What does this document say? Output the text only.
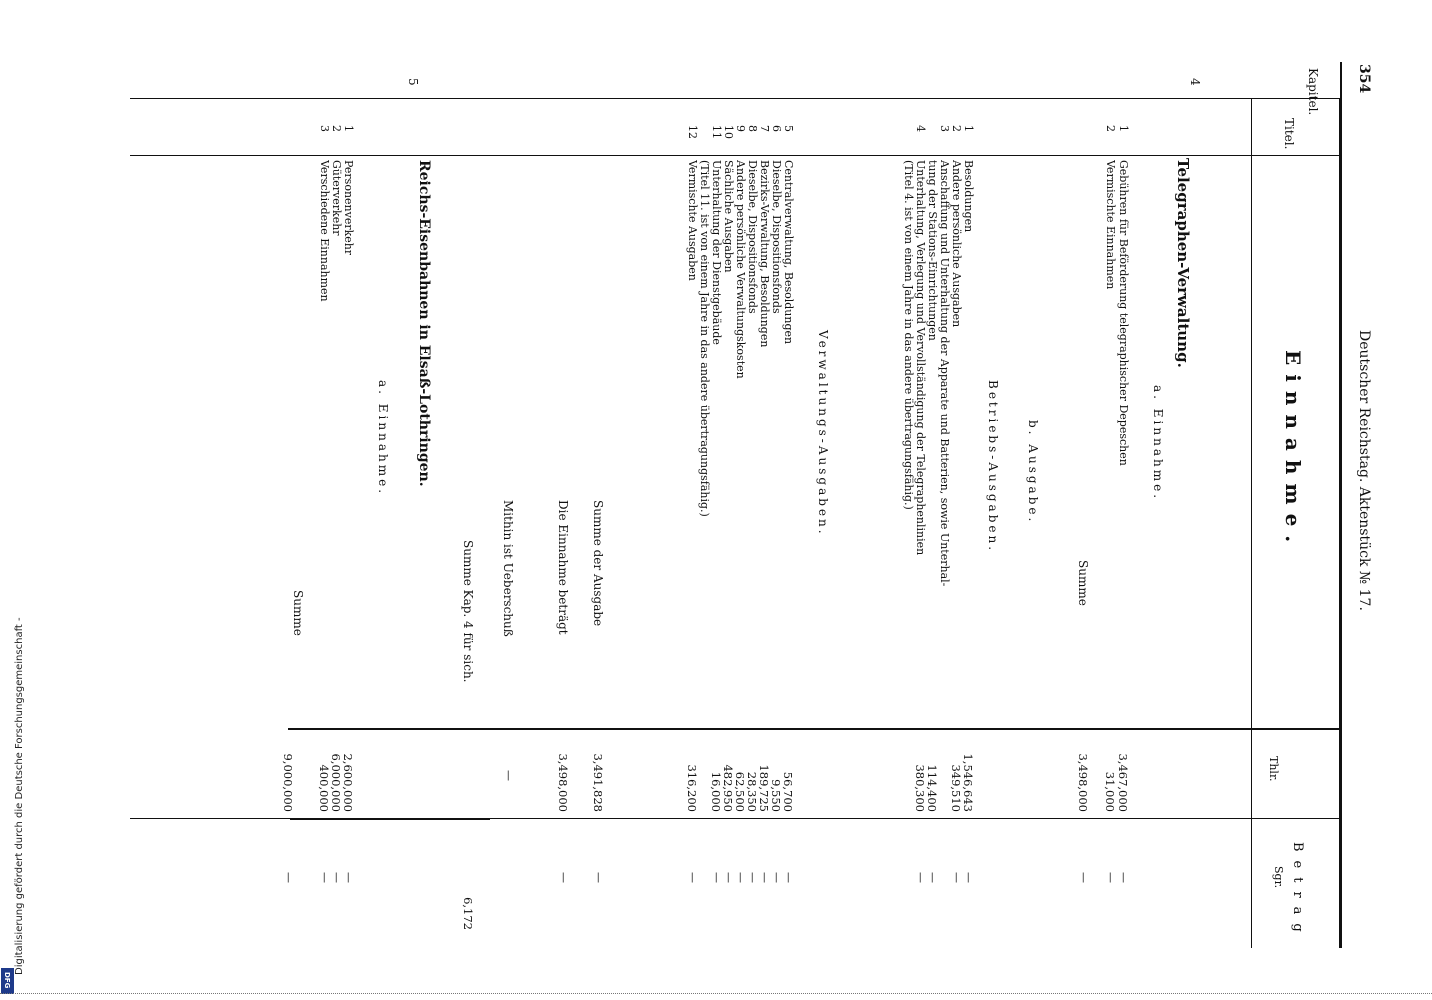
354
Deutscher Reichstag. Aktenstück № 17.
Kapitel.
Titel.
Einnahme.
Betrag
Thlr.
Sgr.
4
Telegraphen-Verwaltung.
a. Einnahme.
1
Gebühren für Beförderung telegraphischer Depeschen
3,467,000
—
2
Vermischte Einnahmen
31,000
—
Summe
3,498,000
—
b. Ausgabe.
Betriebs-Ausgaben.
1
Besoldungen
1,546,643
—
2
Andere persönliche Ausgaben
349,510
—
3
Anschaffung und Unterhaltung der Apparate und Batterien, sowie Unterhal-
tung der Stations-Einrichtungen
114,400
—
4
Unterhaltung, Verlegung und Vervollständigung der Telegraphenlinien
380,300
—
(Titel 4. ist von einem Jahre in das andere übertragungsfähig.)
Verwaltungs-Ausgaben.
5
Centralverwaltung, Besoldungen
56,700
—
6
Dieselbe, Dispositionsfonds
9,550
—
7
Bezirks-Verwaltung, Besoldungen
189,725
—
8
Dieselbe, Dispositionsfonds
28,350
—
9
Andere persönliche Verwaltungskosten
62,500
—
10
Sächliche Ausgaben
482,950
—
11
Unterhaltung der Dienstgebäude
16,000
—
(Titel 11. ist von einem Jahre in das andere übertragungsfähig.)
12
Vermischte Ausgaben
316,200
—
Summe der Ausgabe
3,491,828
—
Die Einnahme beträgt
3,498,000
—
Mithin ist Ueberschuß
—
Summe Kap. 4 für sich.
6,172
5
Reichs-Eisenbahnen in Elsaß-Lothringen.
a. Einnahme.
1
Personenverkehr
2,600,000
—
2
Güterverkehr
6,000,000
—
3
Verschiedene Einnahmen
400,000
—
Summe
9,000,000
—
Digitalisierung gefördert durch die Deutsche Forschungsgemeinschaft -
DFG
